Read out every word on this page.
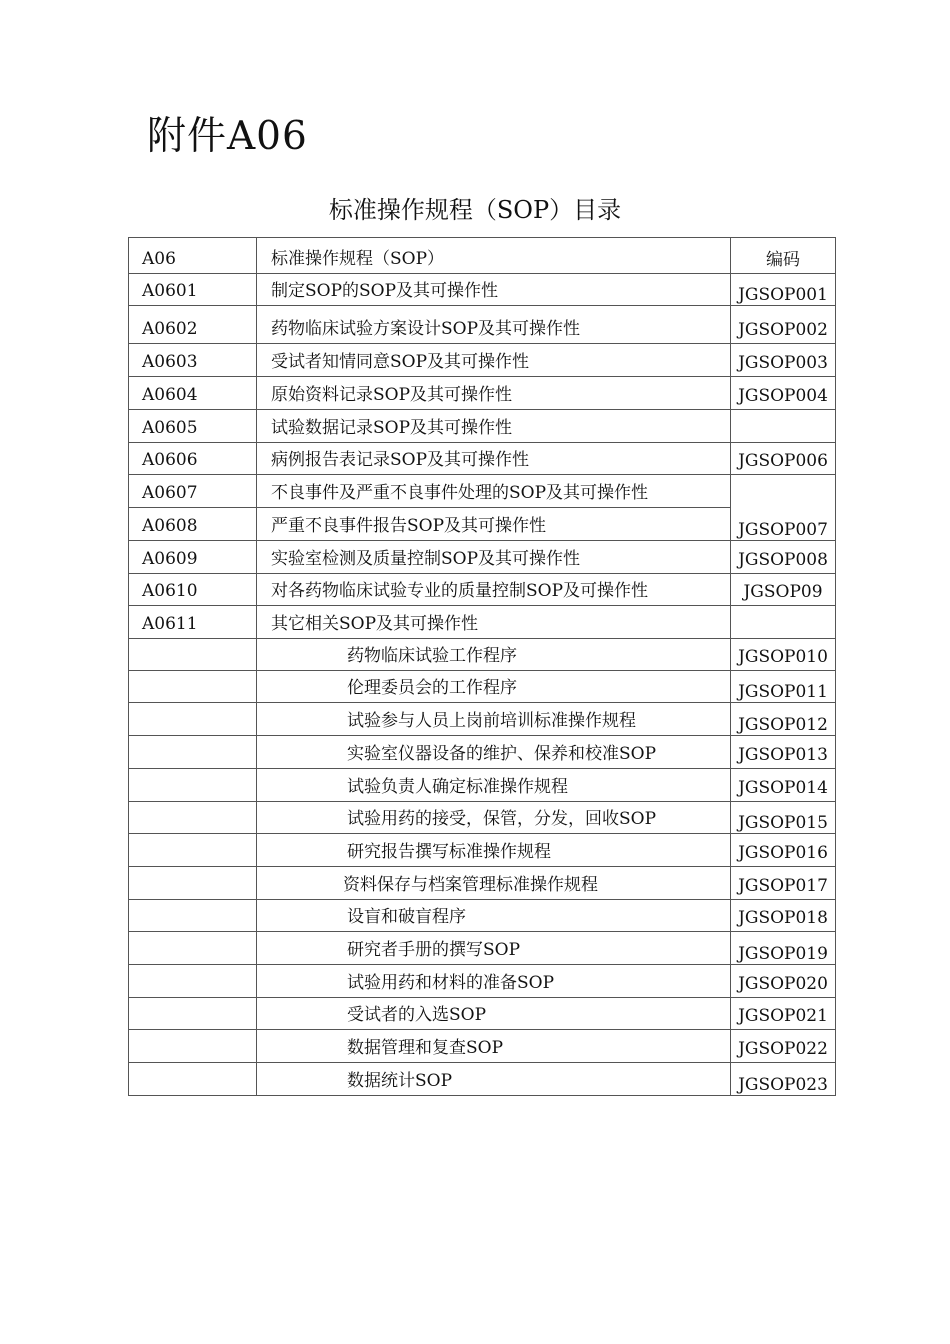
附件A06
标准操作规程（SOP）目录
A06	标准操作规程（SOP）	编码
A0601	制定SOP的SOP及其可操作性	JGSOP001
A0602	药物临床试验方案设计SOP及其可操作性	JGSOP002
A0603	受试者知情同意SOP及其可操作性	JGSOP003
A0604	原始资料记录SOP及其可操作性	JGSOP004
A0605	试验数据记录SOP及其可操作性	
A0606	病例报告表记录SOP及其可操作性	JGSOP006
A0607	不良事件及严重不良事件处理的SOP及其可操作性	JGSOP007
A0608	严重不良事件报告SOP及其可操作性	
A0609	实验室检测及质量控制SOP及其可操作性	JGSOP008
A0610	对各药物临床试验专业的质量控制SOP及可操作性	JGSOP09
A0611	其它相关SOP及其可操作性	
	药物临床试验工作程序	JGSOP010
	伦理委员会的工作程序	JGSOP011
	试验参与人员上岗前培训标准操作规程	JGSOP012
	实验室仪器设备的维护、保养和校准SOP	JGSOP013
	试验负责人确定标准操作规程	JGSOP014
	试验用药的接受，保管，分发，回收SOP	JGSOP015
	研究报告撰写标准操作规程	JGSOP016
	资料保存与档案管理标准操作规程	JGSOP017
	设盲和破盲程序	JGSOP018
	研究者手册的撰写SOP	JGSOP019
	试验用药和材料的准备SOP	JGSOP020
	受试者的入选SOP	JGSOP021
	数据管理和复查SOP	JGSOP022
	数据统计SOP	JGSOP023
